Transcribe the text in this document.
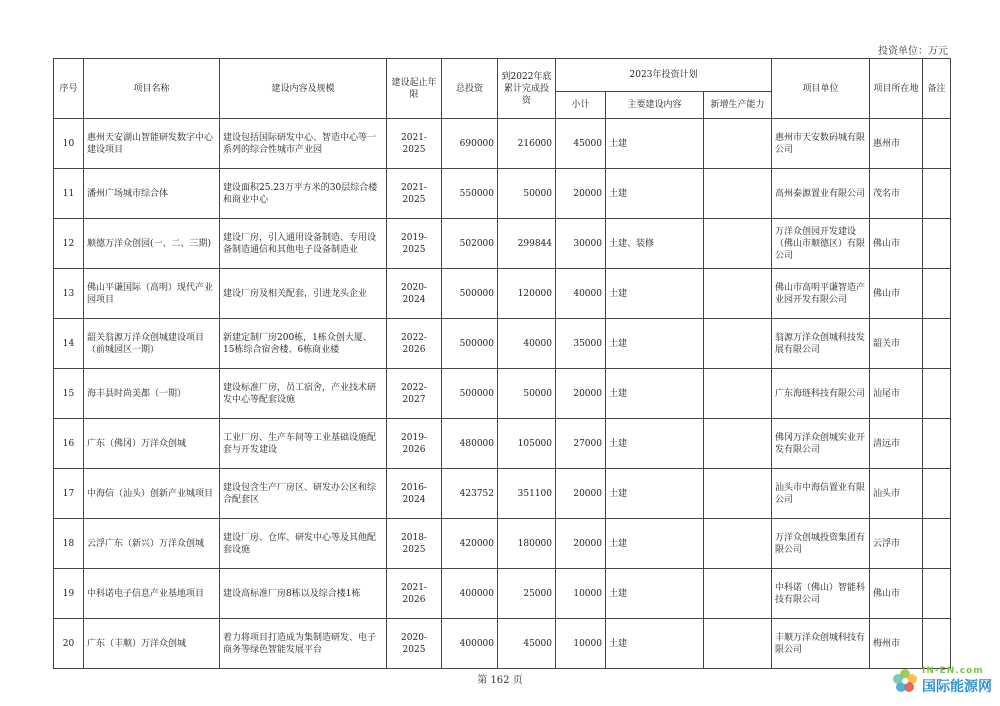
投资单位：万元
序号	项目名称	建设内容及规模	建设起止年限	总投资	到2022年底累计完成投资	2023年投资计划			项目单位	项目所在地	备注
						小计	主要建设内容	新增生产能力			
10	惠州天安湖山智能研发数字中心建设项目	建设包括国际研发中心、智造中心等一系列的综合性城市产业园	2021-2025	690000	216000	45000	土建		惠州市天安数码城有限公司	惠州市	
11	潘州广场城市综合体	建设面积25.23万平方米的30层综合楼和商业中心	2021-2025	550000	50000	20000	土建		高州泰源置业有限公司	茂名市	
12	顺德万洋众创园(一、二、三期)	建设厂房，引入通用设备制造、专用设备制造通信和其他电子设备制造业	2019-2025	502000	299844	30000	土建、装修		万洋众创园开发建设（佛山市顺德区）有限公司	佛山市	
13	佛山平谦国际（高明）现代产业园项目	建设厂房及相关配套，引进龙头企业	2020-2024	500000	120000	40000	土建		佛山市高明平谦智造产业园开发有限公司	佛山市	
14	韶关翁源万洋众创城建设项目（前城园区一期）	新建定制厂房200栋，1栋众创大厦、15栋综合宿舍楼、6栋商业楼	2022-2026	500000	40000	35000	土建		翁源万洋众创城科技发展有限公司	韶关市	
15	海丰县时尚美都（一期）	建设标准厂房，员工宿舍，产业技术研发中心等配套设施	2022-2027	500000	50000	20000	土建		广东海琏科技有限公司	汕尾市	
16	广东（佛冈）万洋众创城	工业厂房、生产车间等工业基础设施配套与开发建设	2019-2026	480000	105000	27000	土建		佛冈万洋众创城实业开发有限公司	清远市	
17	中海信（汕头）创新产业城项目	建设包含生产厂房区、研发办公区和综合配套区	2016-2024	423752	351100	20000	土建		汕头市中海信置业有限公司	汕头市	
18	云浮广东（新兴）万洋众创城	建设厂房、仓库、研发中心等及其他配套设施	2018-2025	420000	180000	20000	土建		万洋众创城投资集团有限公司	云浮市	
19	中科诺电子信息产业基地项目	建设高标准厂房8栋以及综合楼1栋	2021-2026	400000	25000	10000	土建		中科诺（佛山）智能科技有限公司	佛山市	
20	广东（丰顺）万洋众创城	着力将项目打造成为集制造研发、电子商务等绿色智能发展平台	2020-2025	400000	45000	10000	土建		丰顺万洋众创城科技有限公司	梅州市	
第 162 页
IN-EN.com
国际能源网
